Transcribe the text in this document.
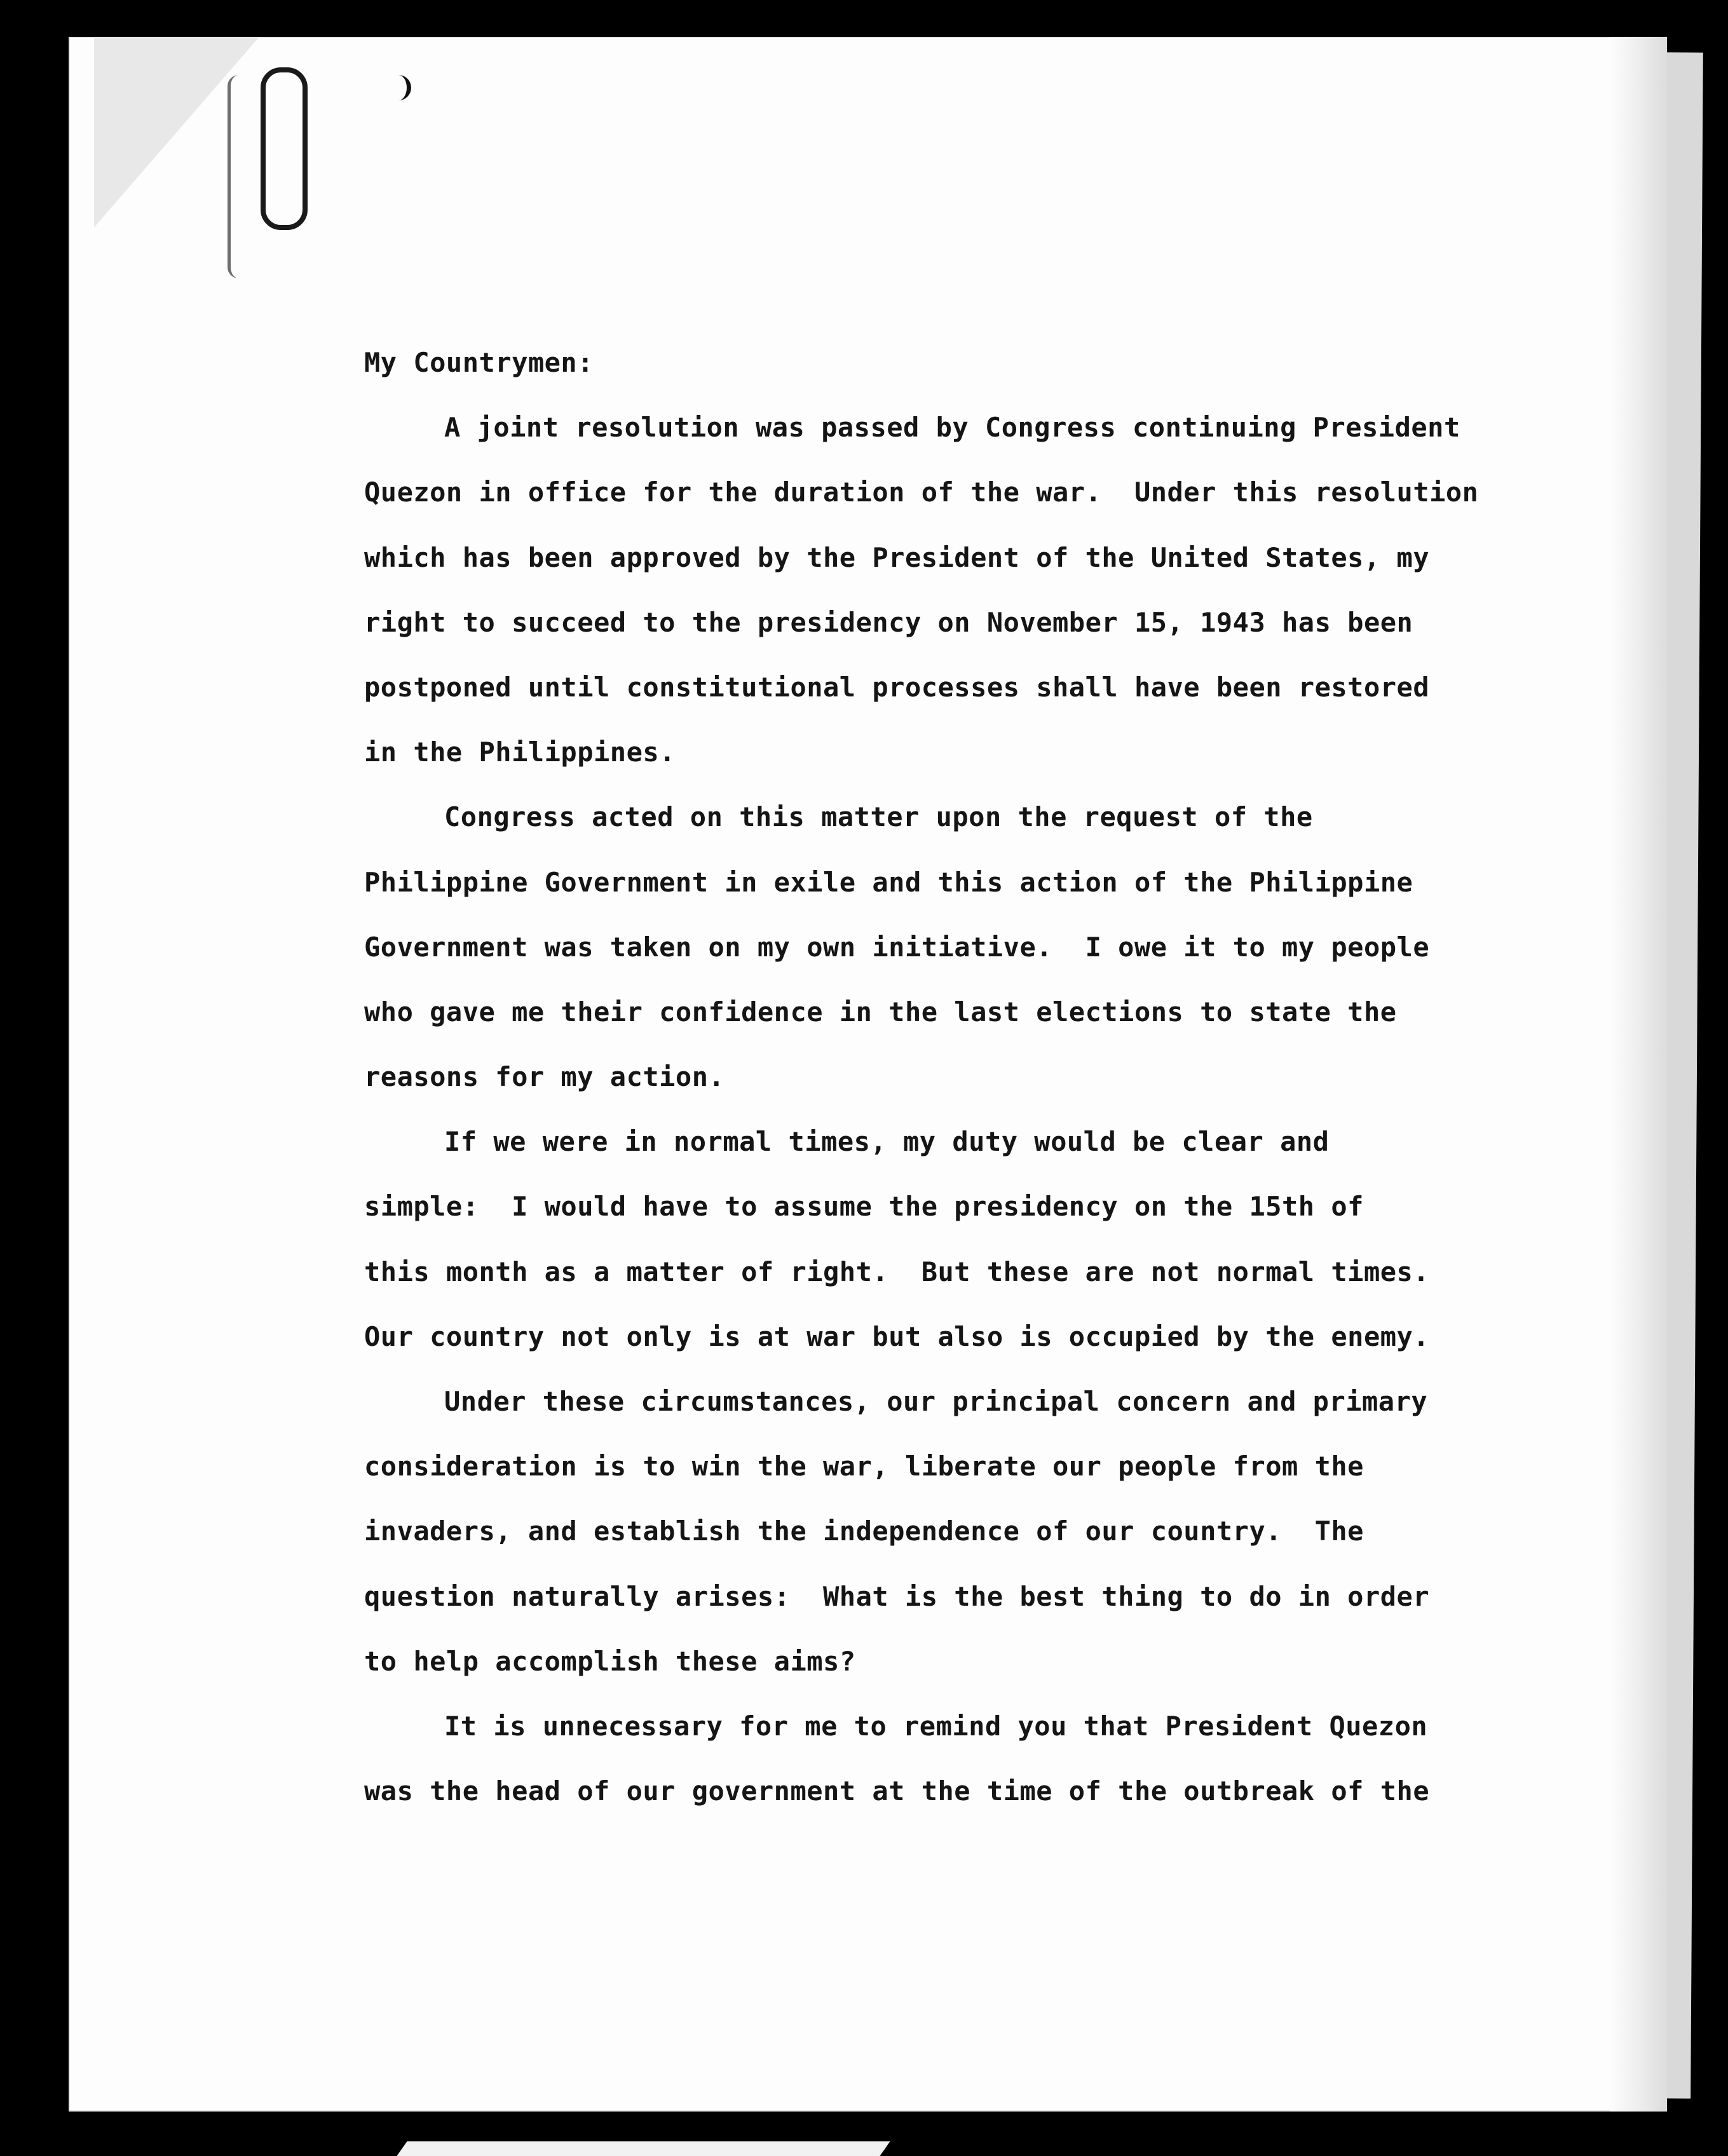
My Countrymen:

A joint resolution was passed by Congress continuing President
Quezon in office for the duration of the war.  Under this resolution
which has been approved by the President of the United States, my
right to succeed to the presidency on November 15, 1943 has been
postponed until constitutional processes shall have been restored
in the Philippines.
Congress acted on this matter upon the request of the
Philippine Government in exile and this action of the Philippine
Government was taken on my own initiative.  I owe it to my people
who gave me their confidence in the last elections to state the
reasons for my action.
If we were in normal times, my duty would be clear and
simple:  I would have to assume the presidency on the 15th of
this month as a matter of right.  But these are not normal times.
Our country not only is at war but also is occupied by the enemy.
Under these circumstances, our principal concern and primary
consideration is to win the war, liberate our people from the
invaders, and establish the independence of our country.  The
question naturally arises:  What is the best thing to do in order
to help accomplish these aims?
It is unnecessary for me to remind you that President Quezon
was the head of our government at the time of the outbreak of the
